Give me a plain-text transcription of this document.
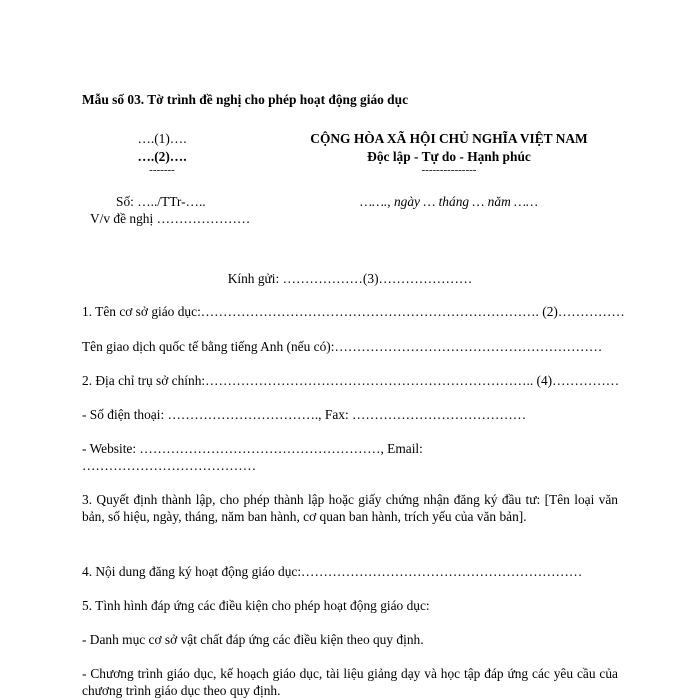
Mẫu số 03. Tờ trình đề nghị cho phép hoạt động giáo dục
….(1)….
….(2)….
-------
Số: …../TTr-…..
V/v đề nghị …………………
CỘNG HÒA XÃ HỘI CHỦ NGHĨA VIỆT NAM
Độc lập - Tự do - Hạnh phúc
---------------
……., ngày … tháng … năm ……
Kính gửi: ………………(3)…………………
1. Tên cơ sở giáo dục:…………………………………………………………………. (2)……………
Tên giao dịch quốc tế bằng tiếng Anh (nếu có):……………………………………………………
2. Địa chỉ trụ sở chính:……………………………………………………………….. (4)……………
- Số điện thoại: ……………………………., Fax: …………………………………
- Website: ………………………………………………, Email:
…………………………………
3. Quyết định thành lập, cho phép thành lập hoặc giấy chứng nhận đăng ký đầu tư: [Tên loại văn bản, số hiệu, ngày, tháng, năm ban hành, cơ quan ban hành, trích yếu của văn bản].
4. Nội dung đăng ký hoạt động giáo dục:………………………………………………………
5. Tình hình đáp ứng các điều kiện cho phép hoạt động giáo dục:
- Danh mục cơ sở vật chất đáp ứng các điều kiện theo quy định.
- Chương trình giáo dục, kế hoạch giáo dục, tài liệu giảng dạy và học tập đáp ứng các yêu cầu của chương trình giáo dục theo quy định.
